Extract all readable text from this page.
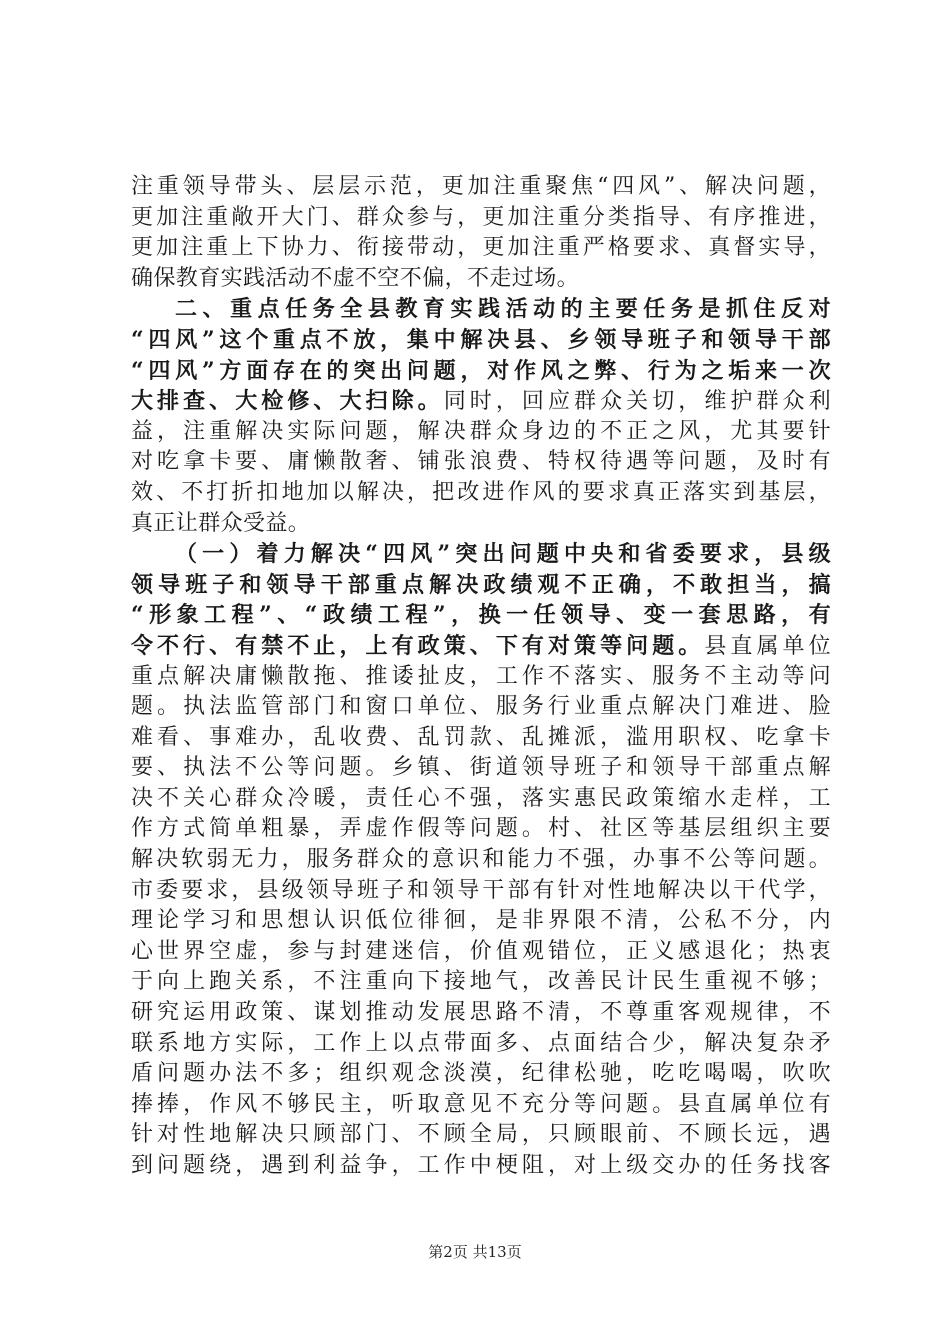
注重领导带头、层层示范，更加注重聚焦“四风”、解决问题，
更加注重敞开大门、群众参与，更加注重分类指导、有序推进，
更加注重上下协力、衔接带动，更加注重严格要求、真督实导，
确保教育实践活动不虚不空不偏，不走过场。
二、重点任务全县教育实践活动的主要任务是抓住反对
“四风”这个重点不放，集中解决县、乡领导班子和领导干部
“四风”方面存在的突出问题，对作风之弊、行为之垢来一次
大排查、大检修、大扫除。同时，回应群众关切，维护群众利
益，注重解决实际问题，解决群众身边的不正之风，尤其要针
对吃拿卡要、庸懒散奢、铺张浪费、特权待遇等问题，及时有
效、不打折扣地加以解决，把改进作风的要求真正落实到基层，
真正让群众受益。
（一）着力解决“四风”突出问题中央和省委要求，县级
领导班子和领导干部重点解决政绩观不正确，不敢担当，搞
“形象工程”、“政绩工程”，换一任领导、变一套思路，有
令不行、有禁不止，上有政策、下有对策等问题。县直属单位
重点解决庸懒散拖、推诿扯皮，工作不落实、服务不主动等问
题。执法监管部门和窗口单位、服务行业重点解决门难进、脸
难看、事难办，乱收费、乱罚款、乱摊派，滥用职权、吃拿卡
要、执法不公等问题。乡镇、街道领导班子和领导干部重点解
决不关心群众冷暖，责任心不强，落实惠民政策缩水走样，工
作方式简单粗暴，弄虚作假等问题。村、社区等基层组织主要
解决软弱无力，服务群众的意识和能力不强，办事不公等问题。
市委要求，县级领导班子和领导干部有针对性地解决以干代学，
理论学习和思想认识低位徘徊，是非界限不清，公私不分，内
心世界空虚，参与封建迷信，价值观错位，正义感退化；热衷
于向上跑关系，不注重向下接地气，改善民计民生重视不够；
研究运用政策、谋划推动发展思路不清，不尊重客观规律，不
联系地方实际，工作上以点带面多、点面结合少，解决复杂矛
盾问题办法不多；组织观念淡漠，纪律松驰，吃吃喝喝，吹吹
捧捧，作风不够民主，听取意见不充分等问题。县直属单位有
针对性地解决只顾部门、不顾全局，只顾眼前、不顾长远，遇
到问题绕，遇到利益争，工作中梗阻，对上级交办的任务找客
第2页 共13页
